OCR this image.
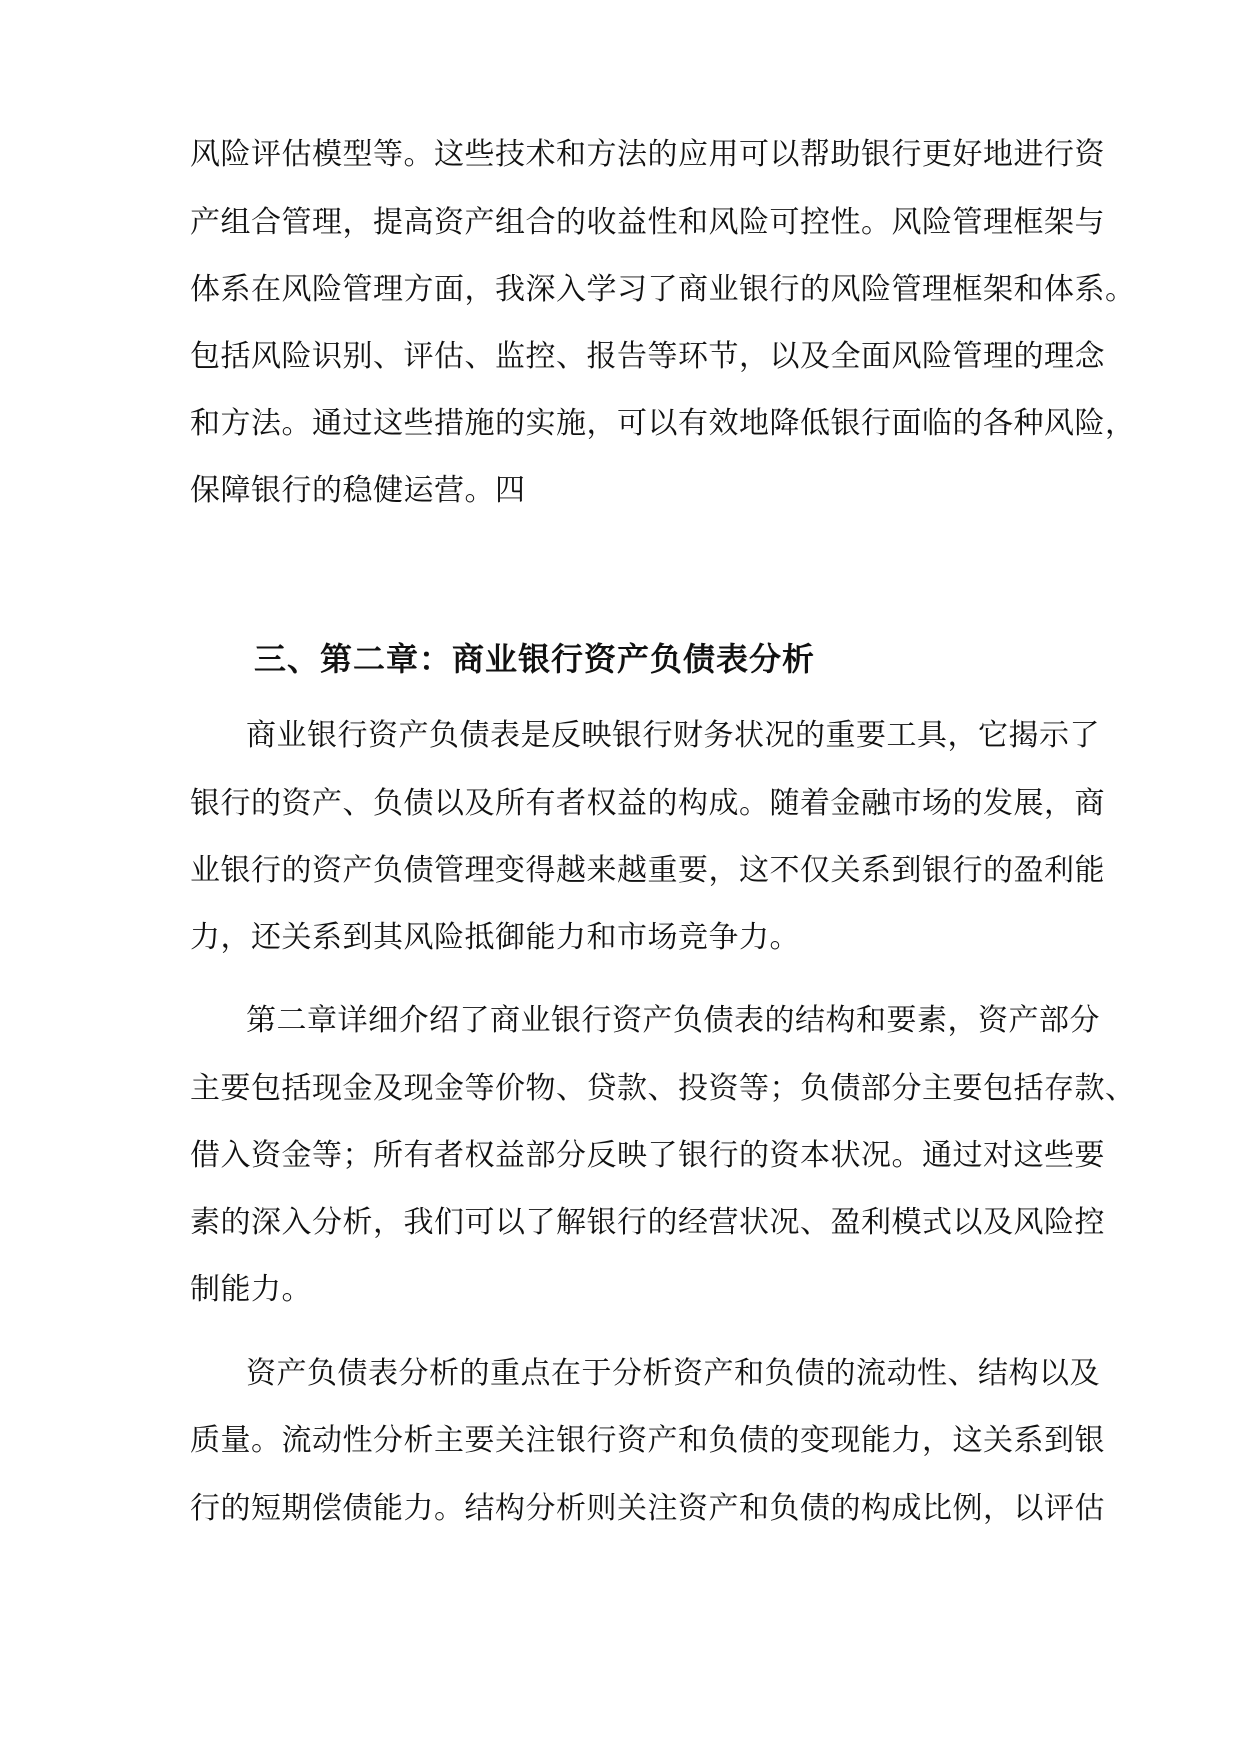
风险评估模型等。这些技术和方法的应用可以帮助银行更好地进行资
产组合管理，提高资产组合的收益性和风险可控性。风险管理框架与
体系在风险管理方面，我深入学习了商业银行的风险管理框架和体系。
包括风险识别、评估、监控、报告等环节，以及全面风险管理的理念
和方法。通过这些措施的实施，可以有效地降低银行面临的各种风险，
保障银行的稳健运营。四
三、第二章：商业银行资产负债表分析
商业银行资产负债表是反映银行财务状况的重要工具，它揭示了
银行的资产、负债以及所有者权益的构成。随着金融市场的发展，商
业银行的资产负债管理变得越来越重要，这不仅关系到银行的盈利能
力，还关系到其风险抵御能力和市场竞争力。
第二章详细介绍了商业银行资产负债表的结构和要素，资产部分
主要包括现金及现金等价物、贷款、投资等；负债部分主要包括存款、
借入资金等；所有者权益部分反映了银行的资本状况。通过对这些要
素的深入分析，我们可以了解银行的经营状况、盈利模式以及风险控
制能力。
资产负债表分析的重点在于分析资产和负债的流动性、结构以及
质量。流动性分析主要关注银行资产和负债的变现能力，这关系到银
行的短期偿债能力。结构分析则关注资产和负债的构成比例，以评估
